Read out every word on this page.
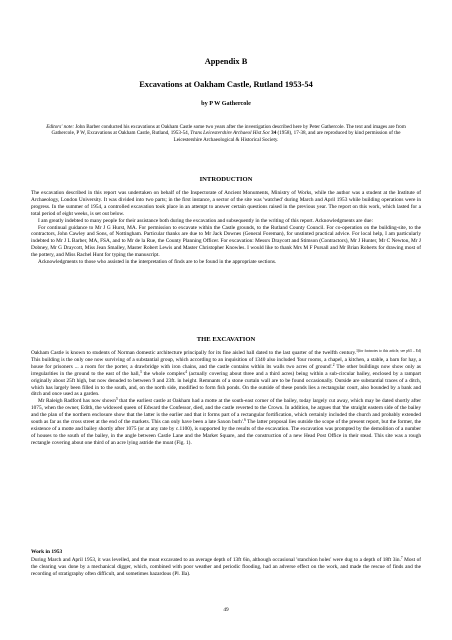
Appendix B
Excavations at Oakham Castle, Rutland 1953-54
by P W Gathercole
Editors' note: John Barber conducted his excavations at Oakham Castle some two years after the investigation described here by Peter Gathercole. The text and images are from Gathercole, P W, Excavations at Oakham Castle, Rutland, 1953-54, Trans Leicestershire Archaeol Hist Soc 34 (1958), 17-38, and are reproduced by kind permission of the Leicestershire Archaeological & Historical Society.
INTRODUCTION

The excavation described in this report was undertaken on behalf of the Inspectorate of Ancient Monuments, Ministry of Works, while the author was a student at the Institute of Archaeology, London University. It was divided into two parts; in the first instance, a sector of the site was 'watched' during March and April 1953 while building operations were in progress. In the summer of 1954, a controlled excavation took place in an attempt to answer certain questions raised in the previous year. The report on this work, which lasted for a total period of eight weeks, is set out below.

I am greatly indebted to many people for their assistance both during the excavation and subsequently in the writing of this report. Acknowledgments are due:

For continual guidance to Mr J G Hurst, MA. For permission to excavate within the Castle grounds, to the Rutland County Council. For co-operation on the building-site, to the contractors, John Cawley and Sons, of Nottingham. Particular thanks are due to Mr Jack Downes (General Foreman), for unstinted practical advice. For local help, I am particularly indebted to Mr J L Barber, MA, FSA, and to Mr de la Rue, the County Planning Officer. For excavation: Messrs Draycott and Stimson (Contractors), Mr J Hunter, Mr C Newton, Mr J Dobney, Mr G Draycott, Miss Jean Smalley, Master Robert Lewis and Master Christopher Knowles. I would like to thank Mrs M F Pursall and Mr Brian Roberts for drawing most of the pottery, and Miss Rachel Hunt for typing the manuscript.

Acknowledgments to those who assisted in the interpretation of finds are to be found in the appropriate sections.

THE EXCAVATION

Oakham Castle is known to students of Norman domestic architecture principally for its fine aisled hall dated to the last quarter of the twelfth century.$^{1(for footnotes to this article, see p63 - Ed)}$ This building is the only one now surviving of a substantial group, which according to an inquisition of 1340 also included 'four rooms, a chapel, a kitchen, a stable, a barn for hay, a house for prisoners ... a room for the porter, a drawbridge with iron chains, and the castle contains within its walls two acres of ground'.$^2$ The other buildings now show only as irregularities in the ground to the east of the hall,$^3$ the whole complex$^4$ (actually covering about three and a third acres) being within a sub-circular bailey, enclosed by a rampart originally about 25ft high, but now denuded to between 9 and 23ft. in height. Remnants of a stone curtain wall are to be found occasionally. Outside are substantial traces of a ditch, which has largely been filled in to the south, and, on the north side, modified to form fish ponds. On the outside of these ponds lies a rectangular court, also bounded by a bank and ditch and once used as a garden.

Mr Raleigh Radford has now shown$^5$ that the earliest castle at Oakham had a motte at the south-east corner of the bailey, today largely cut away, which may be dated shortly after 1075, when the owner, Edith, the widowed queen of Edward the Confessor, died, and the castle reverted to the Crown. In addition, he argues that 'the straight eastern side of the bailey and the plan of the northern enclosure show that the latter is the earlier and that it forms part of a rectangular fortification, which certainly included the church and probably extended south as far as the cross street at the end of the markets. This can only have been a late Saxon burh'.$^6$ The latter proposal lies outside the scope of the present report, but the former, the existence of a motte and bailey shortly after 1075 (or at any rate by c.1100), is supported by the results of the excavation. The excavation was prompted by the demolition of a number of houses to the south of the bailey, in the angle between Castle Lane and the Market Square, and the construction of a new Head Post Office in their stead. This site was a rough rectangle covering about one third of an acre lying astride the moat (Fig. 1).

Work in 1953

During March and April 1953, it was levelled, and the moat excavated to an average depth of 13ft 6in, although occasional 'stanchion holes' were dug to a depth of 18ft 3in.$^7$ Most of the clearing was done by a mechanical digger, which, combined with poor weather and periodic flooding, had an adverse effect on the work, and made the rescue of finds and the recording of stratigraphy often difficult, and sometimes hazardous (Pl. IIa).

49
